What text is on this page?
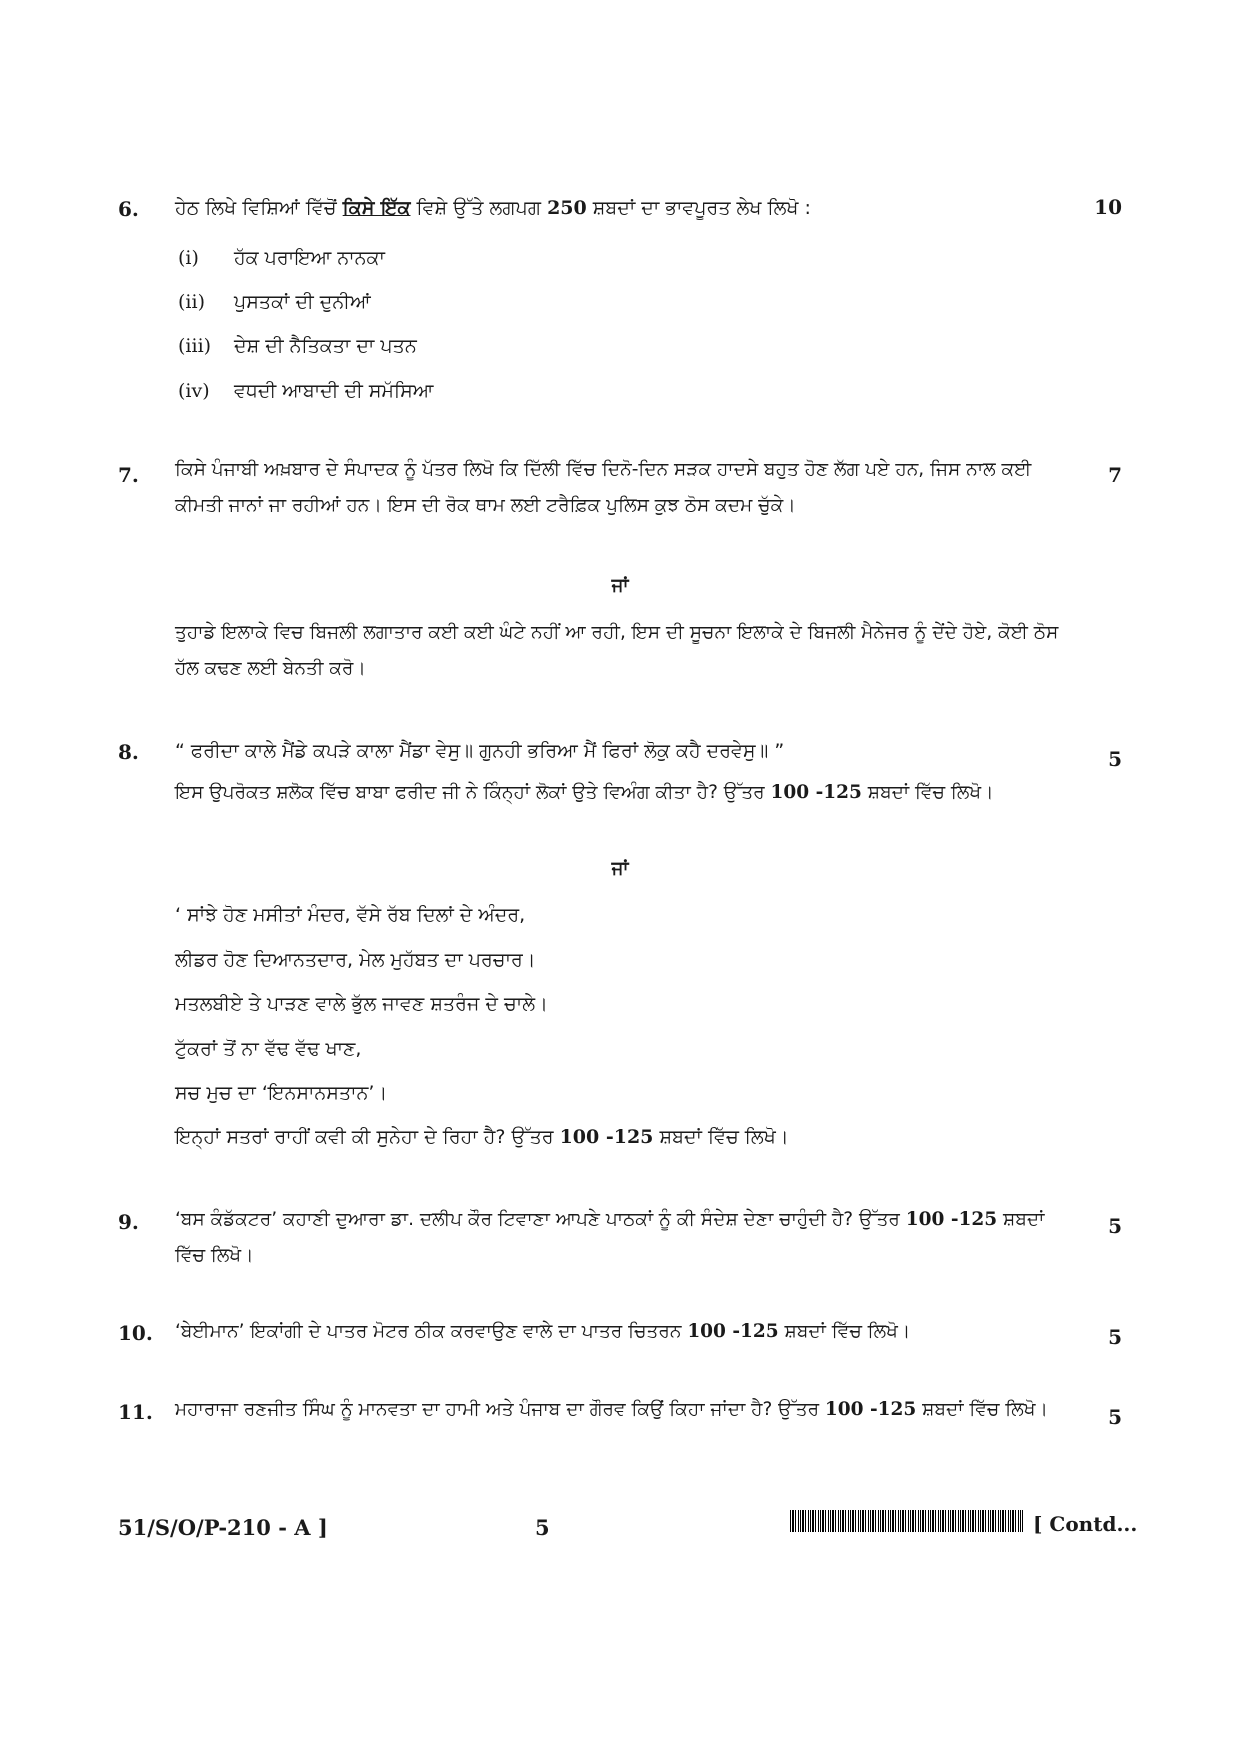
6.	10
ਹੇਠ ਲਿਖੇ ਵਿਸ਼ਿਆਂ ਵਿੱਚੋਂ ਕਿਸੇ ਇੱਕ ਵਿਸ਼ੇ ਉੱਤੇ ਲਗਪਗ 250 ਸ਼ਬਦਾਂ ਦਾ ਭਾਵਪੂਰਤ ਲੇਖ ਲਿਖੋ :
(i) ਹੱਕ ਪਰਾਇਆ ਨਾਨਕਾ
(ii) ਪੁਸਤਕਾਂ ਦੀ ਦੁਨੀਆਂ
(iii) ਦੇਸ਼ ਦੀ ਨੈਤਿਕਤਾ ਦਾ ਪਤਨ
(iv) ਵਧਦੀ ਆਬਾਦੀ ਦੀ ਸਮੱਸਿਆ
7.	7
ਕਿਸੇ ਪੰਜਾਬੀ ਅਖ਼ਬਾਰ ਦੇ ਸੰਪਾਦਕ ਨੂੰ ਪੱਤਰ ਲਿਖੋ ਕਿ ਦਿੱਲੀ ਵਿੱਚ ਦਿਨੋ-ਦਿਨ ਸੜਕ ਹਾਦਸੇ ਬਹੁਤ ਹੋਣ ਲੱਗ ਪਏ ਹਨ, ਜਿਸ ਨਾਲ ਕਈ ਕੀਮਤੀ ਜਾਨਾਂ ਜਾ ਰਹੀਆਂ ਹਨ। ਇਸ ਦੀ ਰੋਕ ਥਾਮ ਲਈ ਟਰੈਫ਼ਿਕ ਪੁਲਿਸ ਕੁਝ ਠੋਸ ਕਦਮ ਚੁੱਕੇ।
ਜਾਂ
ਤੁਹਾਡੇ ਇਲਾਕੇ ਵਿਚ ਬਿਜਲੀ ਲਗਾਤਾਰ ਕਈ ਕਈ ਘੰਟੇ ਨਹੀਂ ਆ ਰਹੀ, ਇਸ ਦੀ ਸੂਚਨਾ ਇਲਾਕੇ ਦੇ ਬਿਜਲੀ ਮੈਨੇਜਰ ਨੂੰ ਦੇਂਦੇ ਹੋਏ, ਕੋਈ ਠੋਸ ਹੱਲ ਕਢਣ ਲਈ ਬੇਨਤੀ ਕਰੋ।
8.	5
“ ਫਰੀਦਾ ਕਾਲੇ ਮੈਂਡੇ ਕਪੜੇ ਕਾਲਾ ਮੈਂਡਾ ਵੇਸੁ॥ ਗੁਨਹੀ ਭਰਿਆ ਮੈਂ ਫਿਰਾਂ ਲੋਕੁ ਕਹੈ ਦਰਵੇਸੁ॥ ”
ਇਸ ਉਪਰੋਕਤ ਸ਼ਲੋਕ ਵਿੱਚ ਬਾਬਾ ਫਰੀਦ ਜੀ ਨੇ ਕਿੰਨ੍ਹਾਂ ਲੋਕਾਂ ਉਤੇ ਵਿਅੰਗ ਕੀਤਾ ਹੈ? ਉੱਤਰ 100 -125 ਸ਼ਬਦਾਂ ਵਿੱਚ ਲਿਖੋ।
ਜਾਂ
‘ ਸਾਂਝੇ ਹੋਣ ਮਸੀਤਾਂ ਮੰਦਰ, ਵੱਸੇ ਰੱਬ ਦਿਲਾਂ ਦੇ ਅੰਦਰ,
ਲੀਡਰ ਹੋਣ ਦਿਆਨਤਦਾਰ, ਮੇਲ ਮੁਹੱਬਤ ਦਾ ਪਰਚਾਰ।
ਮਤਲਬੀਏ ਤੇ ਪਾੜਣ ਵਾਲੇ ਭੁੱਲ ਜਾਵਣ ਸ਼ਤਰੰਜ ਦੇ ਚਾਲੇ।
ਟੁੱਕਰਾਂ ਤੋਂ ਨਾ ਵੱਢ ਵੱਢ ਖਾਣ,
ਸਚ ਮੁਚ ਦਾ ‘ਇਨਸਾਨਸਤਾਨ’।
ਇਨ੍ਹਾਂ ਸਤਰਾਂ ਰਾਹੀਂ ਕਵੀ ਕੀ ਸੁਨੇਹਾ ਦੇ ਰਿਹਾ ਹੈ? ਉੱਤਰ 100 -125 ਸ਼ਬਦਾਂ ਵਿੱਚ ਲਿਖੋ।
9.	5
‘ਬਸ ਕੰਡੱਕਟਰ’ ਕਹਾਣੀ ਦੁਆਰਾ ਡਾ. ਦਲੀਪ ਕੌਰ ਟਿਵਾਣਾ ਆਪਣੇ ਪਾਠਕਾਂ ਨੂੰ ਕੀ ਸੰਦੇਸ਼ ਦੇਣਾ ਚਾਹੁੰਦੀ ਹੈ? ਉੱਤਰ 100 -125 ਸ਼ਬਦਾਂ ਵਿੱਚ ਲਿਖੋ।
10.	5
‘ਬੇਈਮਾਨ’ ਇਕਾਂਗੀ ਦੇ ਪਾਤਰ ਮੋਟਰ ਠੀਕ ਕਰਵਾਉਣ ਵਾਲੇ ਦਾ ਪਾਤਰ ਚਿਤਰਨ 100 -125 ਸ਼ਬਦਾਂ ਵਿੱਚ ਲਿਖੋ।
11.	5
ਮਹਾਰਾਜਾ ਰਣਜੀਤ ਸਿੰਘ ਨੂੰ ਮਾਨਵਤਾ ਦਾ ਹਾਮੀ ਅਤੇ ਪੰਜਾਬ ਦਾ ਗੌਰਵ ਕਿਉਂ ਕਿਹਾ ਜਾਂਦਾ ਹੈ? ਉੱਤਰ 100 -125 ਸ਼ਬਦਾਂ ਵਿੱਚ ਲਿਖੋ।
51/S/O/P-210 - A ]	5	[ Contd...
